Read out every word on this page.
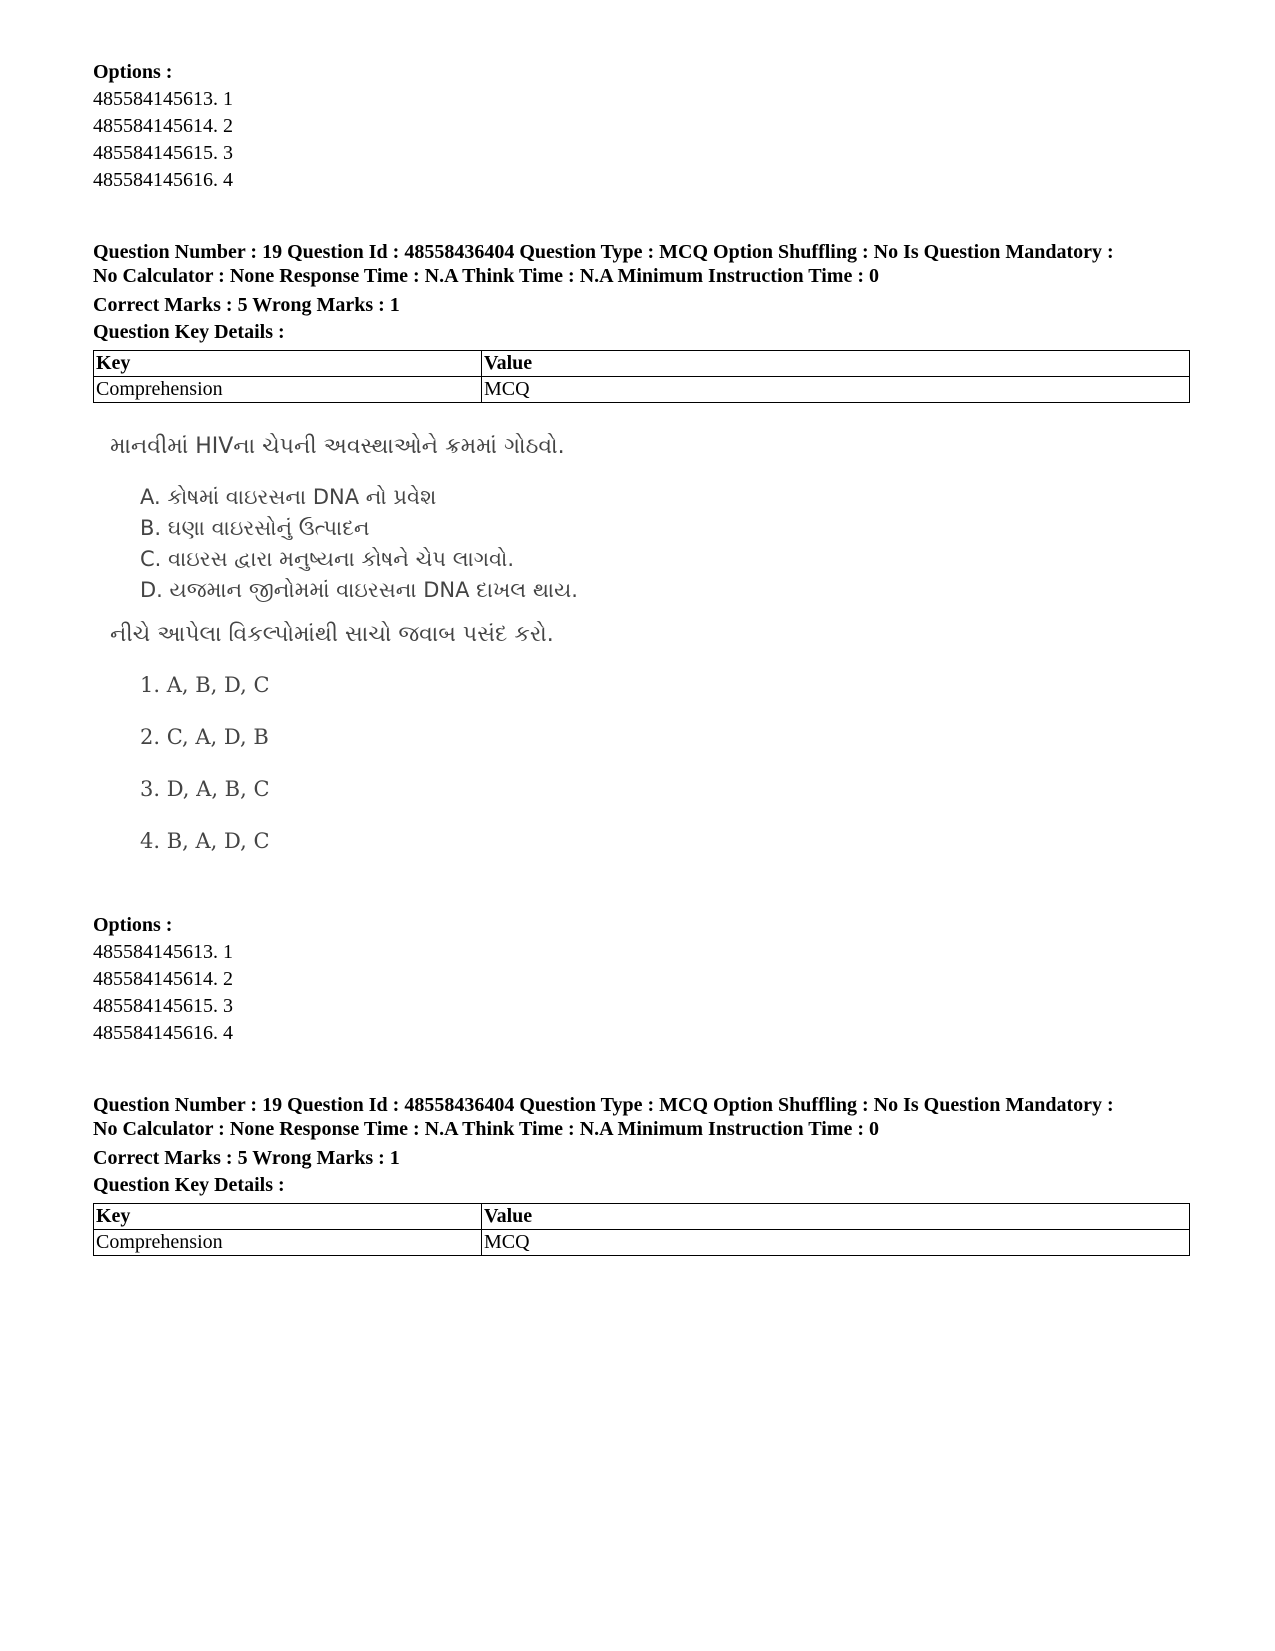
Options :
485584145613. 1
485584145614. 2
485584145615. 3
485584145616. 4
Question Number : 19 Question Id : 48558436404 Question Type : MCQ Option Shuffling : No Is Question Mandatory :
No Calculator : None Response Time : N.A Think Time : N.A Minimum Instruction Time : 0
Correct Marks : 5 Wrong Marks : 1
Question Key Details :
Key	Value
Comprehension	MCQ
માનવીમાં HIVના ચેપની અવસ્થાઓને ક્રમમાં ગોઠવો.
A. કોષમાં વાઇરસના DNA નો પ્રવેશ
B. ઘણા વાઇરસોનું ઉત્પાદન
C. વાઇરસ દ્વારા મનુષ્યના કોષને ચેપ લાગવો.
D. યજમાન જીનોમમાં વાઇરસના DNA દાખલ થાય.
નીચે આપેલા વિકલ્પોમાંથી સાચો જવાબ પસંદ કરો.
1. A, B, D, C
2. C, A, D, B
3. D, A, B, C
4. B, A, D, C
Options :
485584145613. 1
485584145614. 2
485584145615. 3
485584145616. 4
Question Number : 19 Question Id : 48558436404 Question Type : MCQ Option Shuffling : No Is Question Mandatory :
No Calculator : None Response Time : N.A Think Time : N.A Minimum Instruction Time : 0
Correct Marks : 5 Wrong Marks : 1
Question Key Details :
Key	Value
Comprehension	MCQ
